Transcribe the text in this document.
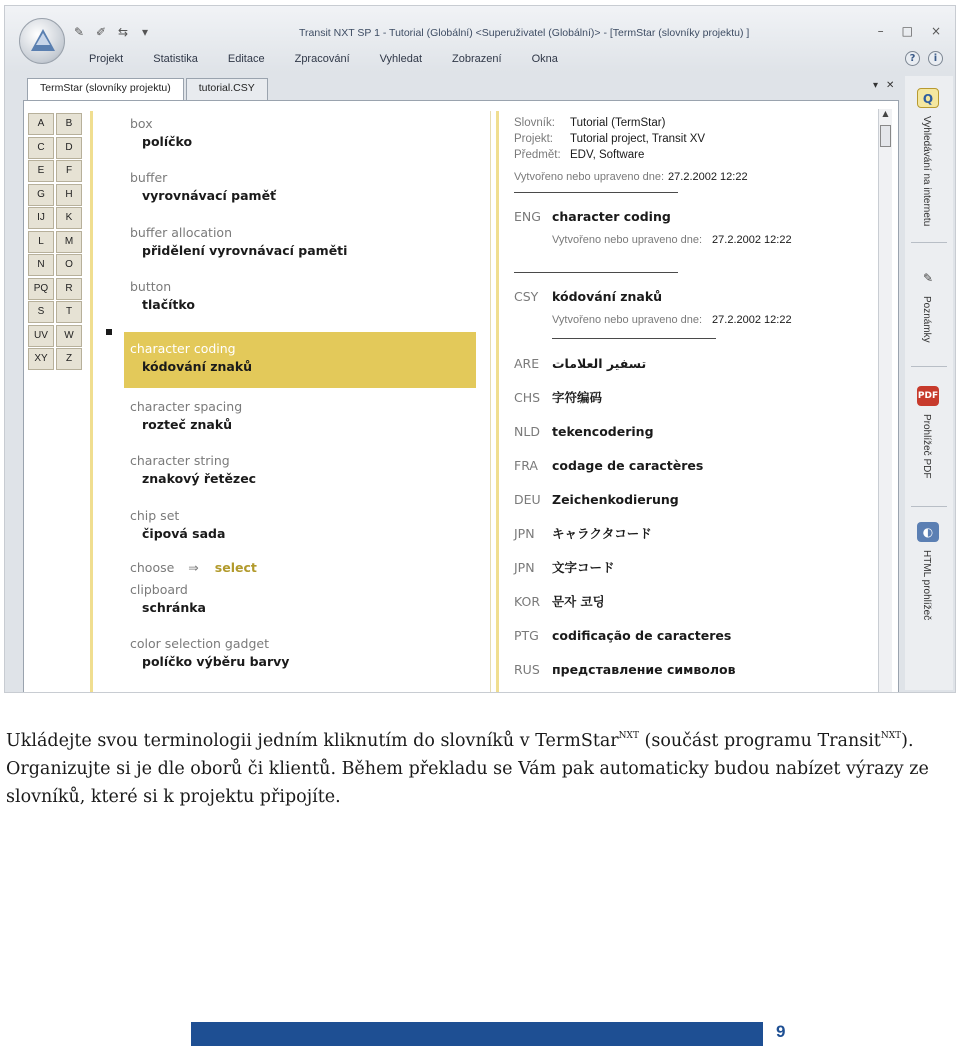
✎ ✐ ⇆	▾	Transit NXT SP 1 - Tutorial (Globální) <Superuživatel (Globální)> - [TermStar (slovníky projektu) ]	– □ ×
Projekt	Statistika	Editace	Zpracování	Vyhledat	Zobrazení	Okna	?	i
TermStar (slovníky projektu)	tutorial.CSY	▾ ✕
A	B
C	D
E	F
G	H
IJ	K
L	M
N	O
PQ	R
S	T
UV	W
XY	Z
box
políčko
buffer
vyrovnávací paměť
buffer allocation
přidělení vyrovnávací paměti
button
tlačítko
character coding
kódování znaků
character spacing
rozteč znaků
character string
znakový řetězec
chip set
čipová sada
choose ⇒ select
clipboard
schránka
color selection gadget
políčko výběru barvy
Slovník: Tutorial (TermStar)
Projekt: Tutorial project, Transit XV
Předmět: EDV, Software
Vytvořeno nebo upraveno dne: 27.2.2002 12:22
ENG character coding
Vytvořeno nebo upraveno dne: 27.2.2002 12:22
CSY kódování znaků
Vytvořeno nebo upraveno dne: 27.2.2002 12:22
ARE تسفير العلامات
CHS 字符编码
NLD tekencodering
FRA codage de caractères
DEU Zeichenkodierung
JPN キャラクタコード
JPN 文字コード
KOR 문자 코딩
PTG codificação de caracteres
RUS представление символов
▲
Q
Vyhledávání na internetu
✎
Poznámky
PDF
Prohlížeč PDF
◐
HTML prohlížeč
Ukládejte svou terminologii jedním kliknutím do slovníků v TermStar$^{NXT}$ (součást programu Transit$^{NXT}$). Organizujte si je dle oborů či klientů. Během překladu se Vám pak automaticky budou nabízet výrazy ze slovníků, které si k projektu připojíte.
9
